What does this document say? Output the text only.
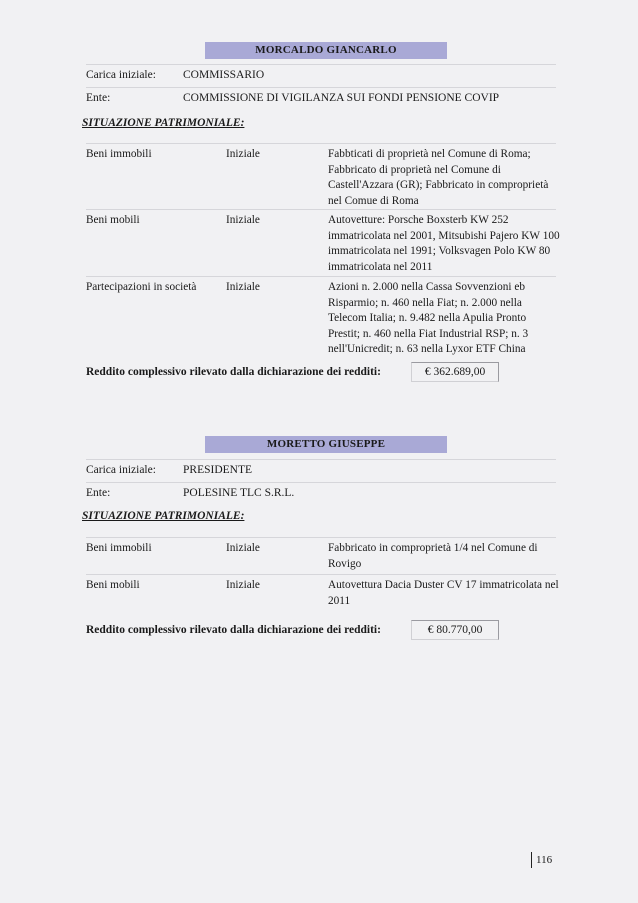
MORCALDO GIANCARLO
Carica iniziale: COMMISSARIO
Ente:	COMMISSIONE DI VIGILANZA SUI FONDI PENSIONE COVIP
SITUAZIONE PATRIMONIALE:
Beni immobili	Iniziale	Fabbticati di proprietà nel Comune di Roma; Fabbricato di proprietà nel Comune di Castell'Azzara (GR); Fabbricato in comproprietà nel Comue di Roma
Beni mobili	Iniziale	Autovetture: Porsche Boxsterb KW 252 immatricolata nel 2001, Mitsubishi Pajero KW 100 immatricolata nel 1991; Volksvagen Polo KW 80 immatricolata nel 2011
Partecipazioni in società	Iniziale	Azioni n. 2.000 nella Cassa Sovvenzioni eb Risparmio; n. 460 nella Fiat; n. 2.000 nella Telecom Italia; n. 9.482 nella Apulia Pronto Prestit; n. 460 nella Fiat Industrial RSP; n. 3 nell'Unicredit; n. 63 nella Lyxor ETF China
Reddito complessivo rilevato dalla dichiarazione dei redditi:	€ 362.689,00
MORETTO GIUSEPPE
Carica iniziale: PRESIDENTE
Ente:	POLESINE TLC S.R.L.
SITUAZIONE PATRIMONIALE:
Beni immobili	Iniziale	Fabbricato in comproprietà 1/4 nel Comune di Rovigo
Beni mobili	Iniziale	Autovettura Dacia Duster CV 17 immatricolata nel 2011
Reddito complessivo rilevato dalla dichiarazione dei redditi:	€ 80.770,00
116
